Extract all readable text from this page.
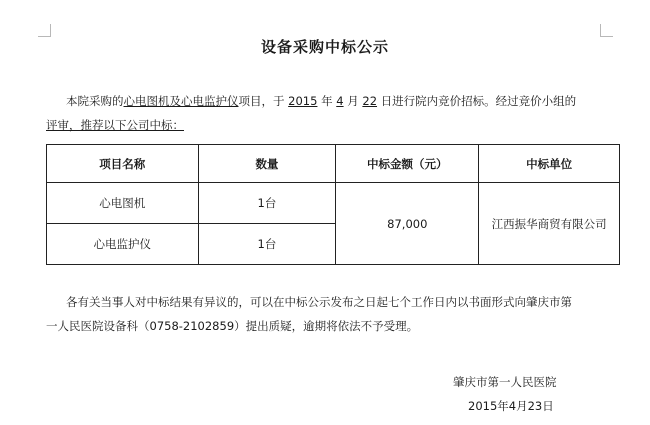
设备采购中标公示
本院采购的心电图机及心电监护仪项目，于 2015 年 4 月 22 日进行院内竞价招标。经过竞价小组的
评审，推荐以下公司中标：
项目名称	数量	中标金额（元）	中标单位
心电图机	1台	87,000	江西振华商贸有限公司
心电监护仪	1台		
各有关当事人对中标结果有异议的，可以在中标公示发布之日起七个工作日内以书面形式向肇庆市第
一人民医院设备科（0758-2102859）提出质疑，逾期将依法不予受理。
肇庆市第一人民医院
2015年4月23日
